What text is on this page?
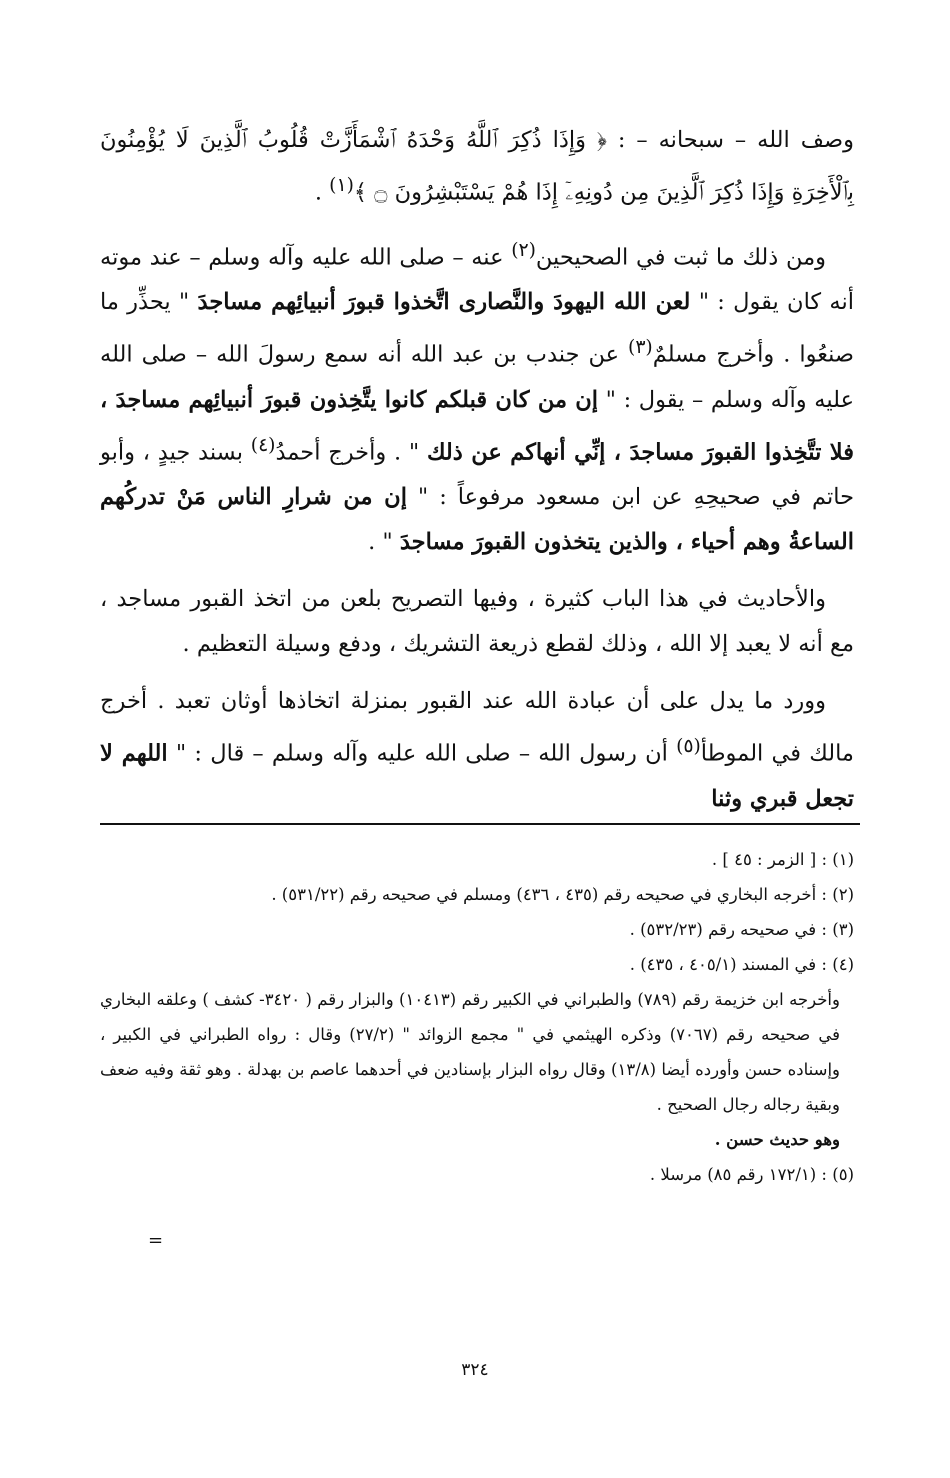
وصف الله – سبحانه – : ﴿ وَإِذَا ذُكِرَ ٱللَّهُ وَحْدَهُ ٱشْمَأَزَّتْ قُلُوبُ ٱلَّذِينَ لَا يُؤْمِنُونَ بِٱلْأَخِرَةِ وَإِذَا ذُكِرَ ٱلَّذِينَ مِن دُونِهِۦٓ إِذَا هُمْ يَسْتَبْشِرُونَ ۝ ﴾$^{(١)}$ .

ومن ذلك ما ثبت في الصحيحين$^{(٢)}$ عنه – صلى الله عليه وآله وسلم – عند موته أنه كان يقول : " لعن الله اليهودَ والنَّصارى اتَّخذوا قبورَ أنبيائِهم مساجدَ " يحذِّر ما صنعُوا . وأخرج مسلمٌ$^{(٣)}$ عن جندب بن عبد الله أنه سمع رسولَ الله – صلى الله عليه وآله وسلم – يقول : " إن من كان قبلكم كانوا يتَّخِذون قبورَ أنبيائِهم مساجدَ ، فلا تتَّخِذوا القبورَ مساجدَ ، إنِّي أنهاكم عن ذلك " . وأخرج أحمدُ$^{(٤)}$ بسند جيدٍ ، وأبو حاتم في صحيحِهِ عن ابن مسعود مرفوعاً : " إن من شرارِ الناس مَنْ تدركُهم الساعةُ وهم أحياء ، والذين يتخذون القبورَ مساجدَ " .

والأحاديث في هذا الباب كثيرة ، وفيها التصريح بلعن من اتخذ القبور مساجد ، مع أنه لا يعبد إلا الله ، وذلك لقطع ذريعة التشريك ، ودفع وسيلة التعظيم .

وورد ما يدل على أن عبادة الله عند القبور بمنزلة اتخاذها أوثان تعبد . أخرج مالك في الموطأ$^{(٥)}$ أن رسول الله – صلى الله عليه وآله وسلم – قال : " اللهم لا تجعل قبري وثنا

(١) : [ الزمر : ٤٥ ] .
(٢) : أخرجه البخاري في صحيحه رقم (٤٣٥ ، ٤٣٦) ومسلم في صحيحه رقم (٥٣١/٢٢) .
(٣) : في صحيحه رقم (٥٣٢/٢٣) .
(٤) : في المسند (٤٠٥/١ ، ٤٣٥) .
وأخرجه ابن خزيمة رقم (٧٨٩) والطبراني في الكبير رقم (١٠٤١٣) والبزار رقم ( ٣٤٢٠- كشف ) وعلقه البخاري في صحيحه رقم (٧٠٦٧) وذكره الهيثمي في " مجمع الزوائد " (٢٧/٢) وقال : رواه الطبراني في الكبير ، وإسناده حسن وأورده أيضا (١٣/٨) وقال رواه البزار بإسنادين في أحدهما عاصم بن بهدلة . وهو ثقة وفيه ضعف وبقية رجاله رجال الصحيح .
وهو حديث حسن .
(٥) : (١٧٢/١ رقم ٨٥) مرسلا .
=
٣٢٤
